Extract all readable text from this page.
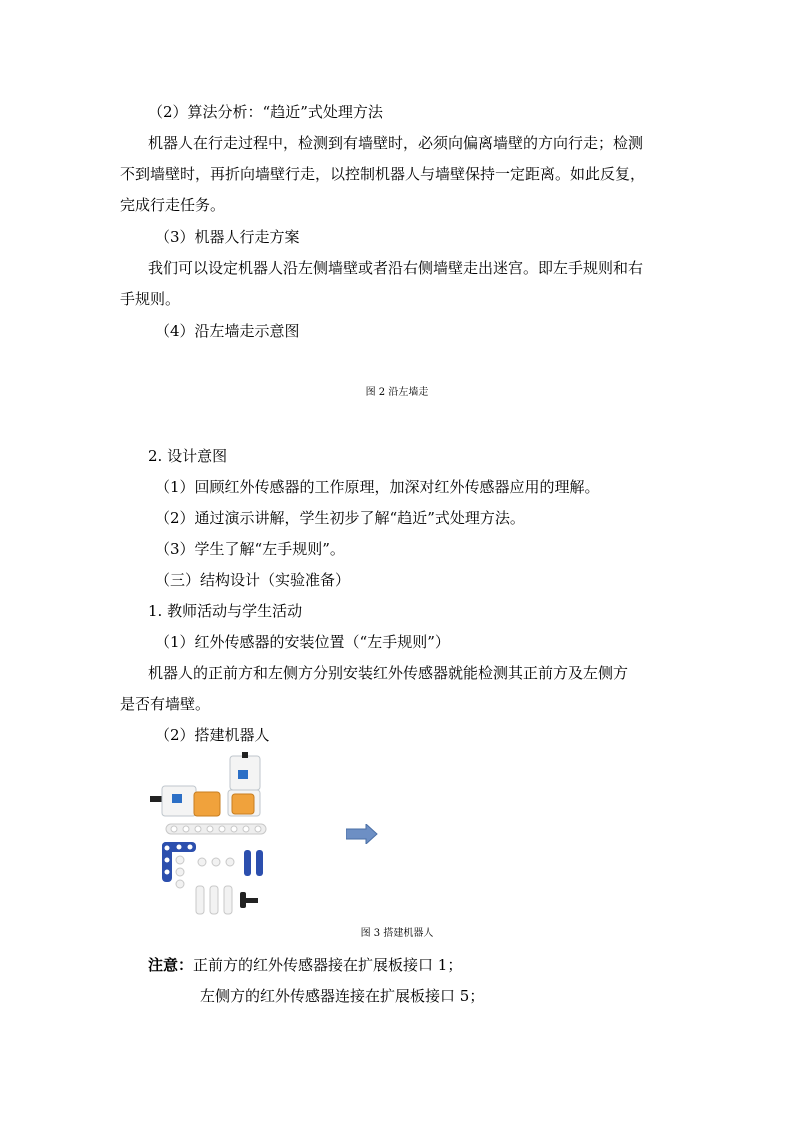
（2）算法分析：“趋近”式处理方法
机器人在行走过程中，检测到有墙壁时，必须向偏离墙壁的方向行走；检测
不到墙壁时，再折向墙壁行走，以控制机器人与墙壁保持一定距离。如此反复，
完成行走任务。
（3）机器人行走方案
我们可以设定机器人沿左侧墙壁或者沿右侧墙壁走出迷宫。即左手规则和右
手规则。
（4）沿左墙走示意图
图 2 沿左墙走
2. 设计意图
（1）回顾红外传感器的工作原理，加深对红外传感器应用的理解。
（2）通过演示讲解，学生初步了解“趋近”式处理方法。
（3）学生了解“左手规则”。
（三）结构设计（实验准备）
1. 教师活动与学生活动
（1）红外传感器的安装位置（“左手规则”）
机器人的正前方和左侧方分别安装红外传感器就能检测其正前方及左侧方
是否有墙壁。
（2）搭建机器人
图 3 搭建机器人
注意：正前方的红外传感器接在扩展板接口 1；
左侧方的红外传感器连接在扩展板接口 5；
